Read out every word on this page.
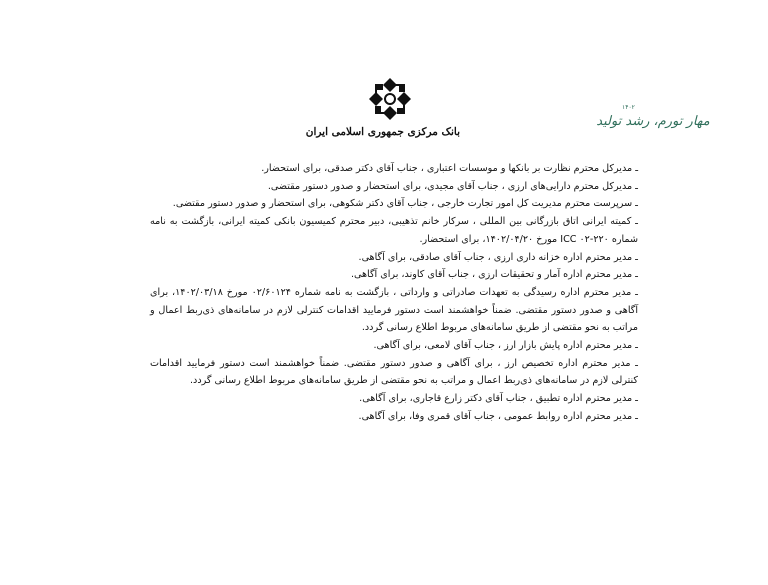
بانک مرکزی جمهوری اسلامی ایران
۱۴۰۲
مهار تورم، رشد تولید
ـ مدیرکل محترم نظارت بر بانکها و موسسات اعتباری ، جناب آقای دکتر صدقی، برای استحضار.
ـ مدیرکل محترم دارایی‌های ارزی ، جناب آقای مجیدی، برای استحضار و صدور دستور مقتضی.
ـ سرپرست محترم مدیریت کل امور تجارت خارجی ، جناب آقای دکتر شکوهی، برای استحضار و صدور دستور مقتضی.
ـ کمیته ایرانی اتاق بازرگانی بین المللی ، سرکار خانم تذهیبی، دبیر محترم کمیسیون بانکی کمیته ایرانی، بازگشت به نامه شماره ۲۲۰-۰۲ ICC مورخ ۱۴۰۲/۰۴/۲۰، برای استحضار.
ـ مدیر محترم اداره خزانه داری ارزی ، جناب آقای صادقی، برای آگاهی.
ـ مدیر محترم اداره آمار و تحقیقات ارزی ، جناب آقای کاوند، برای آگاهی.
ـ مدیر محترم اداره رسیدگی به تعهدات صادراتی و وارداتی ، بازگشت به نامه شماره ۰۲/۶۰۱۲۴ مورخ ۱۴۰۲/۰۳/۱۸، برای آگاهی و صدور دستور مقتضی. ضمناً خواهشمند است دستور فرمایید اقدامات کنترلی لازم در سامانه‌های ذی‌ربط اعمال و مراتب به نحو مقتضی از طریق سامانه‌های مربوط اطلاع رسانی گردد.
ـ مدیر محترم اداره پایش بازار ارز ، جناب آقای لامعی، برای آگاهی.
ـ مدیر محترم اداره تخصیص ارز ، برای آگاهی و صدور دستور مقتضی. ضمناً خواهشمند است دستور فرمایید اقدامات کنترلی لازم در سامانه‌های ذی‌ربط اعمال و مراتب به نحو مقتضی از طریق سامانه‌های مربوط اطلاع رسانی گردد.
ـ مدیر محترم اداره تطبیق ، جناب آقای دکتر زارع قاجاری، برای آگاهی.
ـ مدیر محترم اداره روابط عمومی ، جناب آقای قمری وفا، برای آگاهی.
